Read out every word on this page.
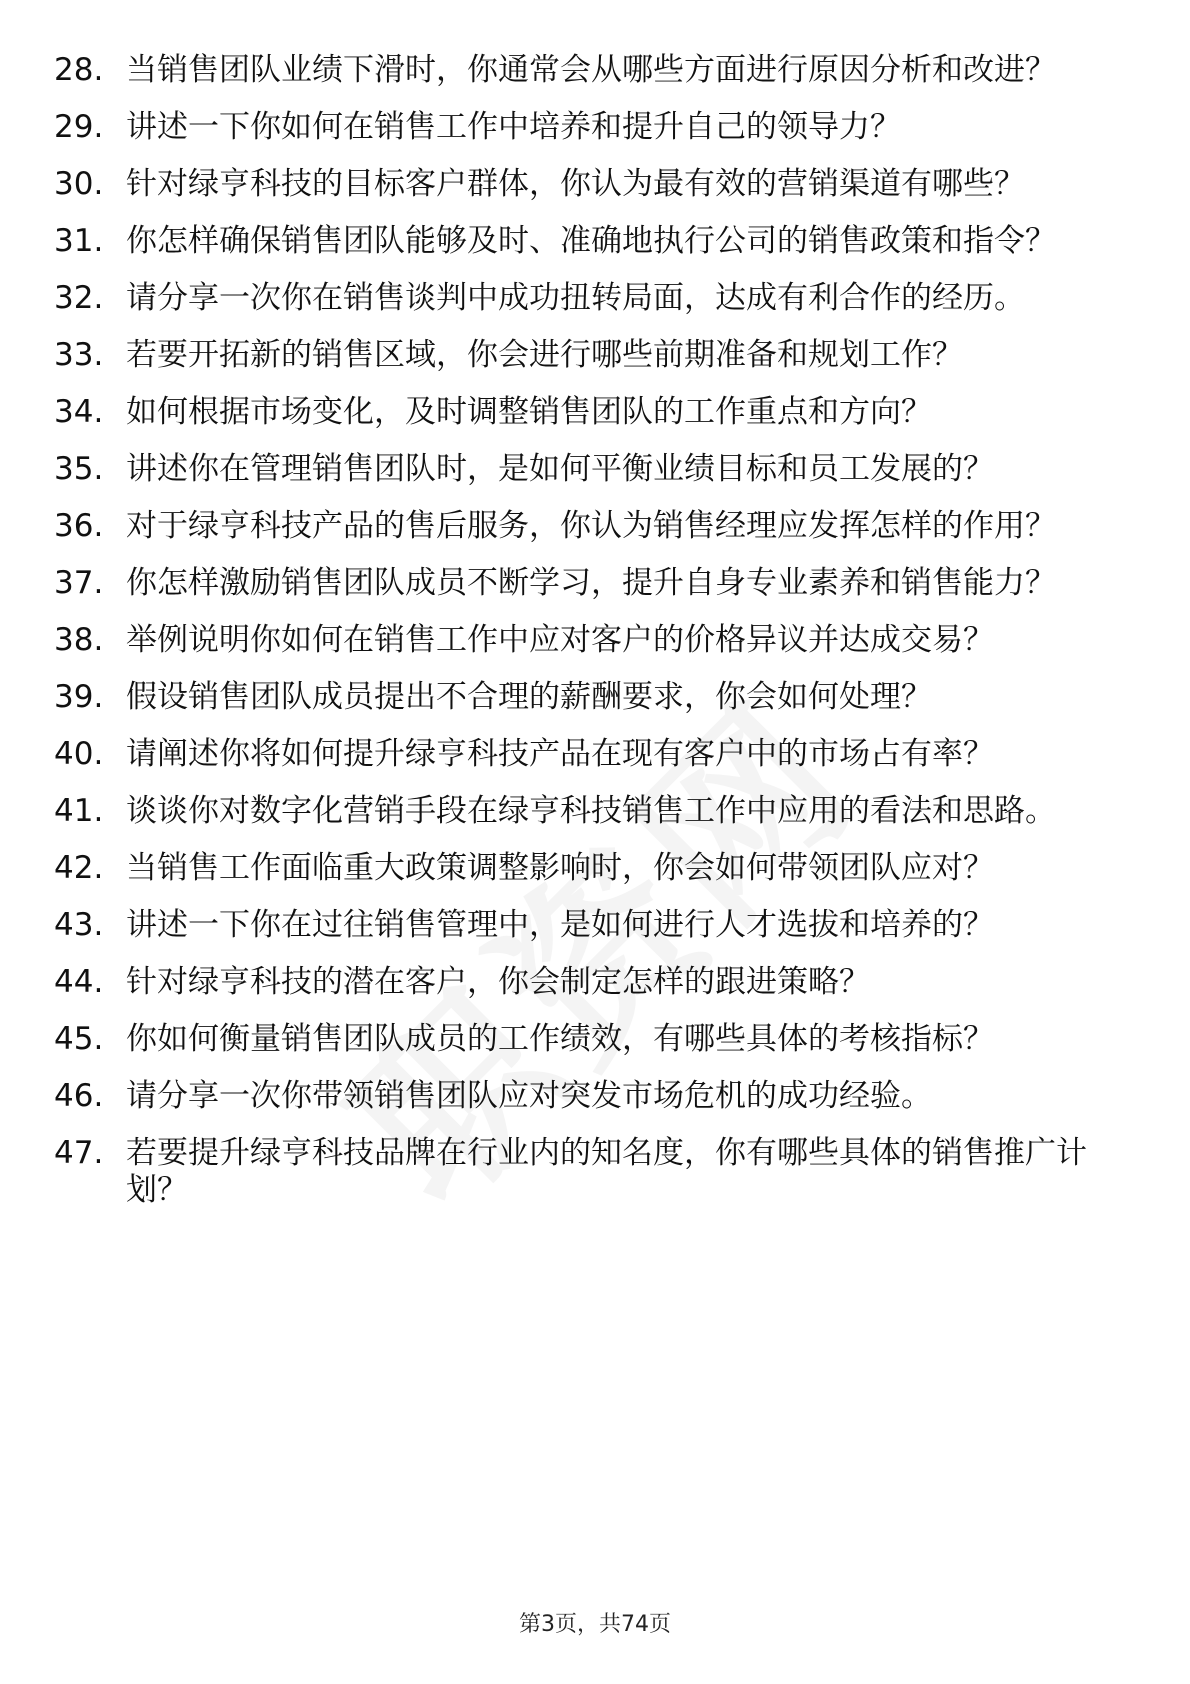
28. 当销售团队业绩下滑时，你通常会从哪些方面进行原因分析和改进？
29. 讲述一下你如何在销售工作中培养和提升自己的领导力？
30. 针对绿亨科技的目标客户群体，你认为最有效的营销渠道有哪些？
31. 你怎样确保销售团队能够及时、准确地执行公司的销售政策和指令？
32. 请分享一次你在销售谈判中成功扭转局面，达成有利合作的经历。
33. 若要开拓新的销售区域，你会进行哪些前期准备和规划工作？
34. 如何根据市场变化，及时调整销售团队的工作重点和方向？
35. 讲述你在管理销售团队时，是如何平衡业绩目标和员工发展的？
36. 对于绿亨科技产品的售后服务，你认为销售经理应发挥怎样的作用？
37. 你怎样激励销售团队成员不断学习，提升自身专业素养和销售能力？
38. 举例说明你如何在销售工作中应对客户的价格异议并达成交易？
39. 假设销售团队成员提出不合理的薪酬要求，你会如何处理？
40. 请阐述你将如何提升绿亨科技产品在现有客户中的市场占有率？
41. 谈谈你对数字化营销手段在绿亨科技销售工作中应用的看法和思路。
42. 当销售工作面临重大政策调整影响时，你会如何带领团队应对？
43. 讲述一下你在过往销售管理中，是如何进行人才选拔和培养的？
44. 针对绿亨科技的潜在客户，你会制定怎样的跟进策略？
45. 你如何衡量销售团队成员的工作绩效，有哪些具体的考核指标？
46. 请分享一次你带领销售团队应对突发市场危机的成功经验。
47. 若要提升绿亨科技品牌在行业内的知名度，你有哪些具体的销售推广计划？
第3页，共74页
